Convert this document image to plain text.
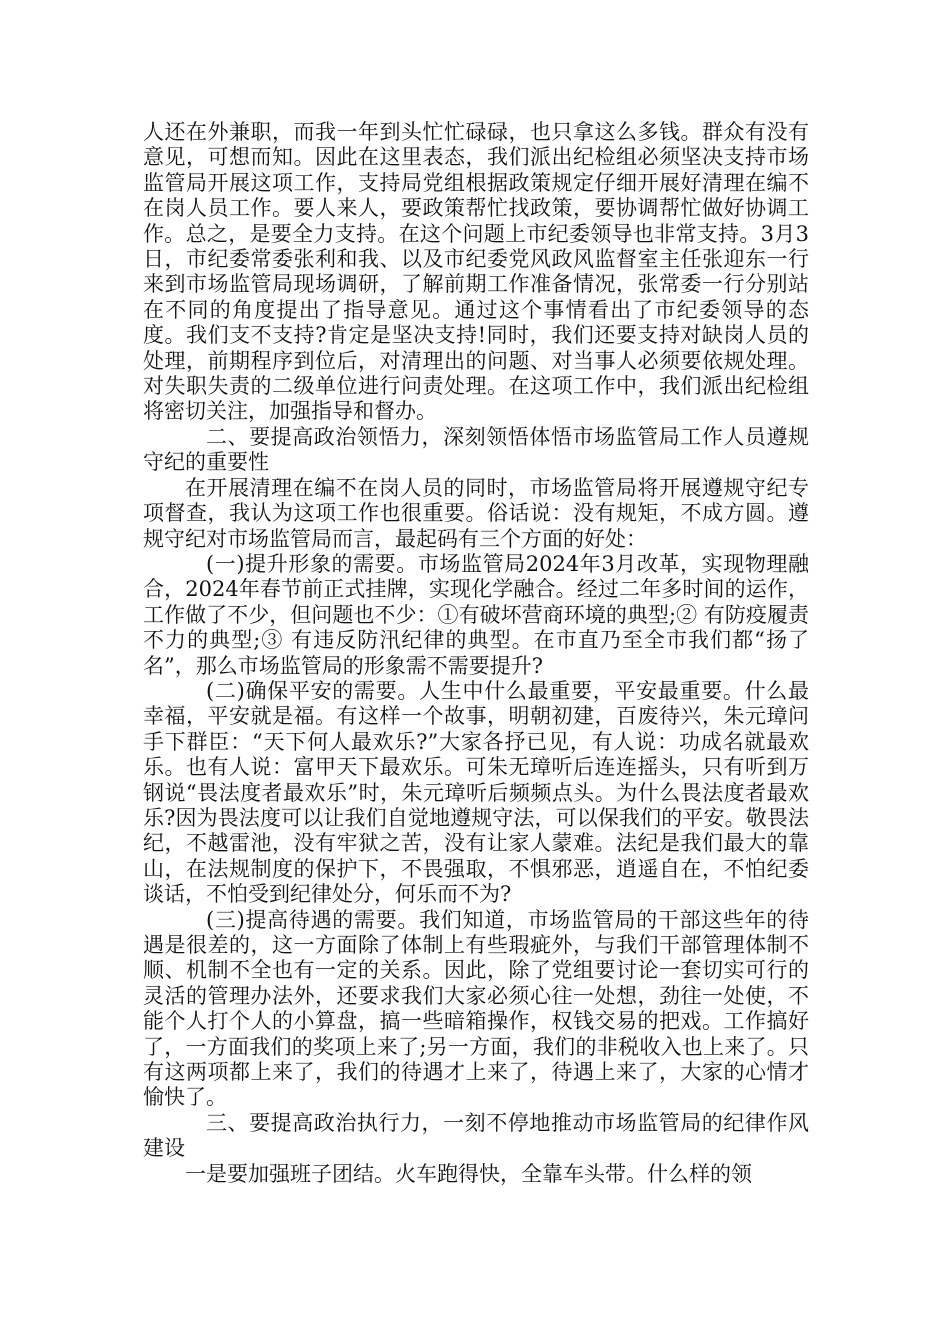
人还在外兼职，而我一年到头忙忙碌碌，也只拿这么多钱。群众有没有意见，可想而知。因此在这里表态，我们派出纪检组必须坚决支持市场监管局开展这项工作，支持局党组根据政策规定仔细开展好清理在编不在岗人员工作。要人来人，要政策帮忙找政策，要协调帮忙做好协调工作。总之，是要全力支持。在这个问题上市纪委领导也非常支持。3月3日，市纪委常委张利和我、以及市纪委党风政风监督室主任张迎东一行来到市场监管局现场调研，了解前期工作准备情况，张常委一行分别站在不同的角度提出了指导意见。通过这个事情看出了市纪委领导的态度。我们支不支持?肯定是坚决支持!同时，我们还要支持对缺岗人员的处理，前期程序到位后，对清理出的问题、对当事人必须要依规处理。对失职失责的二级单位进行问责处理。在这项工作中，我们派出纪检组将密切关注，加强指导和督办。

二、要提高政治领悟力，深刻领悟体悟市场监管局工作人员遵规守纪的重要性

在开展清理在编不在岗人员的同时，市场监管局将开展遵规守纪专项督查，我认为这项工作也很重要。俗话说：没有规矩，不成方圆。遵规守纪对市场监管局而言，最起码有三个方面的好处：

(一)提升形象的需要。市场监管局2024年3月改革，实现物理融合，2024年春节前正式挂牌，实现化学融合。经过二年多时间的运作，工作做了不少，但问题也不少：①有破坏营商环境的典型;② 有防疫履责不力的典型;③ 有违反防汛纪律的典型。在市直乃至全市我们都“扬了名”，那么市场监管局的形象需不需要提升?

(二)确保平安的需要。人生中什么最重要，平安最重要。什么最幸福，平安就是福。有这样一个故事，明朝初建，百废待兴，朱元璋问手下群臣：“天下何人最欢乐?”大家各抒已见，有人说：功成名就最欢乐。也有人说：富甲天下最欢乐。可朱无璋听后连连摇头，只有听到万钢说“畏法度者最欢乐”时，朱元璋听后频频点头。为什么畏法度者最欢乐?因为畏法度可以让我们自觉地遵规守法，可以保我们的平安。敬畏法纪，不越雷池，没有牢狱之苦，没有让家人蒙难。法纪是我们最大的靠山，在法规制度的保护下，不畏强取，不惧邪恶，逍遥自在，不怕纪委谈话，不怕受到纪律处分，何乐而不为?

(三)提高待遇的需要。我们知道，市场监管局的干部这些年的待遇是很差的，这一方面除了体制上有些瑕疵外，与我们干部管理体制不顺、机制不全也有一定的关系。因此，除了党组要讨论一套切实可行的灵活的管理办法外，还要求我们大家必须心往一处想，劲往一处使，不能个人打个人的小算盘，搞一些暗箱操作，权钱交易的把戏。工作搞好了，一方面我们的奖项上来了;另一方面，我们的非税收入也上来了。只有这两项都上来了，我们的待遇才上来了，待遇上来了，大家的心情才愉快了。

三、要提高政治执行力，一刻不停地推动市场监管局的纪律作风建设

一是要加强班子团结。火车跑得快，全靠车头带。什么样的领
